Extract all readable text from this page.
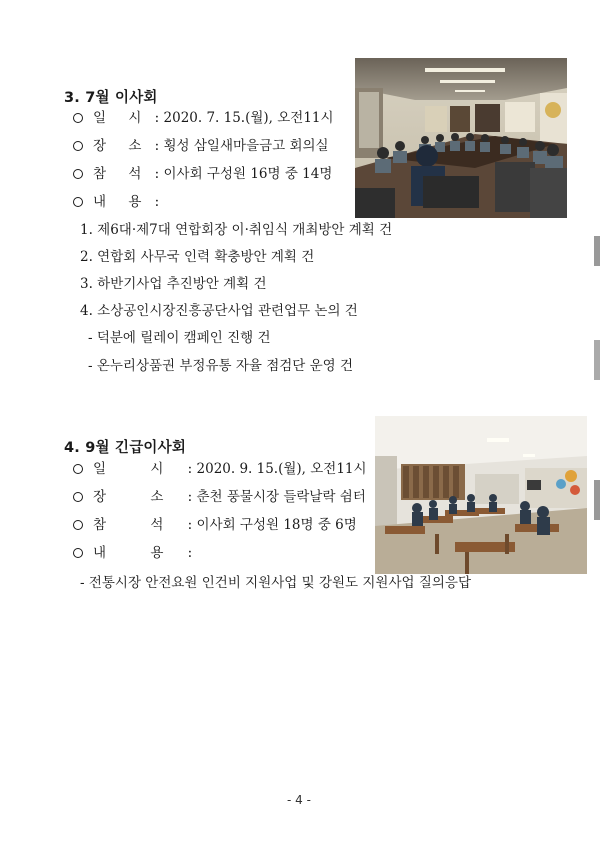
3. 7월 이사회
일 시 : 2020. 7. 15.(월), 오전11시
장 소 : 횡성 삼일새마을금고 회의실
참 석 : 이사회 구성원 16명 중 14명
내 용 :
1. 제6대·제7대 연합회장 이·취임식 개최방안 계획 건
2. 연합회 사무국 인력 확충방안 계획 건
3. 하반기사업 추진방안 계획 건
4. 소상공인시장진흥공단사업 관련업무 논의 건
- 덕분에 릴레이 캠페인 진행 건
- 온누리상품권 부정유통 자율 점검단 운영 건
4. 9월 긴급이사회
일 시 : 2020. 9. 15.(월), 오전11시
장 소 : 춘천 풍물시장 들락날락 쉼터
참 석 : 이사회 구성원 18명 중 6명
내 용 :
- 전통시장 안전요원 인건비 지원사업 및 강원도 지원사업 질의응답
- 4 -
